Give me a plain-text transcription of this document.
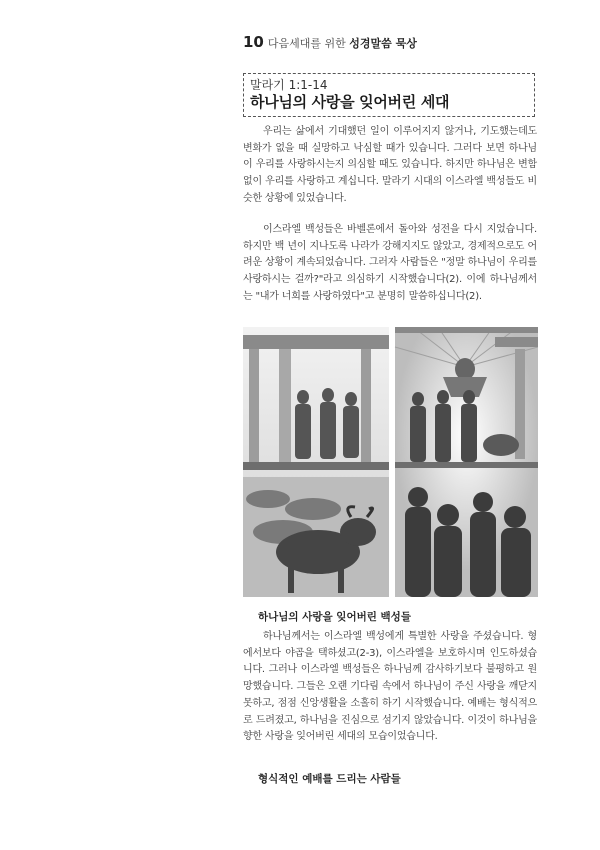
10 다음세대를 위한 성경말씀 묵상
말라기 1:1-14
하나님의 사랑을 잊어버린 세대

우리는 삶에서 기대했던 일이 이루어지지 않거나, 기도했는데도 변화가 없을 때 실망하고 낙심할 때가 있습니다. 그러다 보면 하나님이 우리를 사랑하시는지 의심할 때도 있습니다. 하지만 하나님은 변함없이 우리를 사랑하고 계십니다. 말라기 시대의 이스라엘 백성들도 비슷한 상황에 있었습니다.

이스라엘 백성들은 바벨론에서 돌아와 성전을 다시 지었습니다. 하지만 백 년이 지나도록 나라가 강해지지도 않았고, 경제적으로도 어려운 상황이 계속되었습니다. 그러자 사람들은 "정말 하나님이 우리를 사랑하시는 걸까?"라고 의심하기 시작했습니다(2). 이에 하나님께서는 "내가 너희를 사랑하였다"고 분명히 말씀하십니다(2).

하나님의 사랑을 잊어버린 백성들

하나님께서는 이스라엘 백성에게 특별한 사랑을 주셨습니다. 형 에서보다 야곱을 택하셨고(2-3), 이스라엘을 보호하시며 인도하셨습니다. 그러나 이스라엘 백성들은 하나님께 감사하기보다 불평하고 원망했습니다. 그들은 오랜 기다림 속에서 하나님이 주신 사랑을 깨닫지 못하고, 점점 신앙생활을 소홀히 하기 시작했습니다. 예배는 형식적으로 드려졌고, 하나님을 진심으로 섬기지 않았습니다. 이것이 하나님을 향한 사랑을 잊어버린 세대의 모습이었습니다.

형식적인 예배를 드리는 사람들
